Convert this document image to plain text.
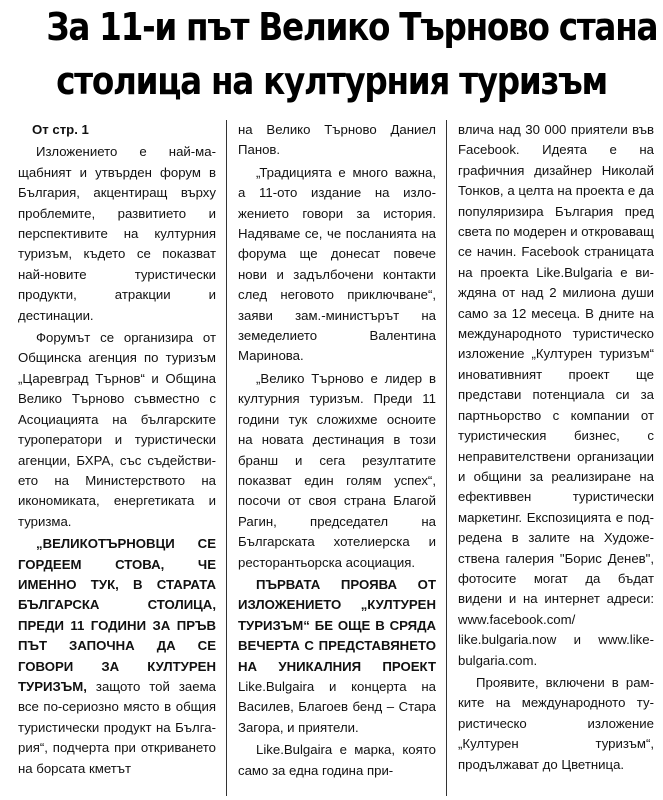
За 11-и път Велико Търново стана
столица на културния туризъм

От стр. 1

Изложението е най-мащабният и утвърден форум в България, акцентиращ върху проблемите, развитието и перспективите на културния туризъм, където се показват най-новите туристически продукти, атракции и дестинации.

Форумът се организира от Общинска агенция по туризъм „Царевград Търнов“ и Община Велико Търново съвместно с Асоциацията на българските туроператори и туристически агенции, БХРА, със съдействието на Министерството на икономиката, енергетиката и туризма.

„ВЕЛИКОТЪРНОВЦИ СЕ ГОРДЕЕМ СТОВА, ЧЕ ИМЕННО ТУК, В СТАРАТА БЪЛГАРСКА СТОЛИЦА, ПРЕДИ 11 ГОДИНИ ЗА ПРЪВ ПЪТ ЗАПОЧНА ДА СЕ ГОВОРИ ЗА КУЛТУРЕН ТУРИЗЪМ, защото той заема все по-сериозно място в общия туристически продукт на България“, подчерта при откриването на борсата кметът

на Велико Търново Даниел Панов.

„Традицията е много важна, а 11-ото издание на изложението говори за история. Надяваме се, че посланията на форума ще донесат повече нови и задълбочени контакти след неговото приключване“, заяви зам.-министърът на земеделието Валентина Маринова.

„Велико Търново е лидер в културния туризъм. Преди 11 години тук сложихме осноите на новата дестинация в този бранш и сега резултатите показват един голям успех“, посочи от своя страна Благой Рагин, председател на Българската хотелиерска и ресторантьорска асоциация.

ПЪРВАТА ПРОЯВА ОТ ИЗЛОЖЕНИЕТО „КУЛТУРЕН ТУРИЗЪМ“ БЕ ОЩЕ В СРЯДА ВЕЧЕРТА С ПРЕДСТАВЯНЕТО НА УНИКАЛНИЯ ПРОЕКТ Like.Bulgaira и концерта на Василев, Благоев бенд – Стара Загора, и приятели.

Like.Bulgaira е марка, която само за една година при-

влича над 30 000 приятели във Facebook. Идеята е на графичния дизайнер Николай Тонков, а целта на проекта е да популяризира България пред света по модерен и откроваващ се начин. Facebook страницата на проекта Like.Bulgaria е виждяна от над 2 милиона души само за 12 месеца. В дните на международното туристическо изложение „Културен туризъм“ иновативният проект ще представи потенциала си за партньорство с компании от туристическия бизнес, с неправителствени организации и общини за реализиране на ефективвен туристически маркетинг. Експозицията е подредена в залите на Художествена галерия "Борис Денев", фотосите могат да бъдат видени и на интернет адреси: www.facebook.com/ like.bulgaria.now и www.like-bulgaria.com.

Проявите, включени в рамките на международното туристическо изложение „Културен туризъм“, продължават до Цветница.
